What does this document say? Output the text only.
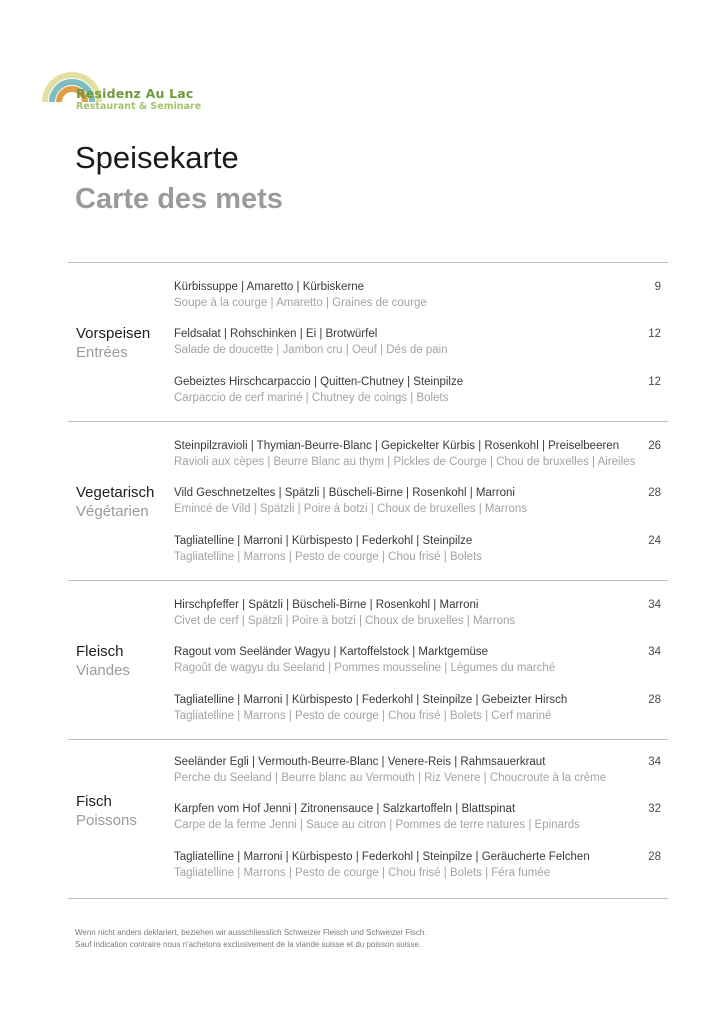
Residenz Au Lac
Restaurant & Seminare
Speisekarte
Carte des mets
Vorspeisen
Entrées
Kürbissuppe | Amaretto | Kürbiskerne
Soupe à la courge | Amaretto | Graines de courge
9
Feldsalat | Rohschinken | Ei | Brotwürfel
Salade de doucette | Jambon cru | Oeuf | Dés de pain
12
Gebeiztes Hirschcarpaccio | Quitten-Chutney | Steinpilze
Carpaccio de cerf mariné | Chutney de coings | Bolets
12
Vegetarisch
Végétarien
Steinpilzravioli | Thymian-Beurre-Blanc | Gepickelter Kürbis | Rosenkohl | Preiselbeeren
Ravioli aux cèpes | Beurre Blanc au thym | Pickles de Courge | Chou de bruxelles | Aireiles
26
Vild Geschnetzeltes | Spätzli | Büscheli-Birne | Rosenkohl | Marroni
Emincé de Vild | Spätzli | Poire à botzi | Choux de bruxelles | Marrons
28
Tagliatelline | Marroni | Kürbispesto | Federkohl | Steinpilze
Tagliatelline | Marrons | Pesto de courge | Chou frisé | Bolets
24
Fleisch
Viandes
Hirschpfeffer | Spätzli | Büscheli-Birne | Rosenkohl | Marroni
Civet de cerf | Spätzli | Poire à botzi | Choux de bruxelles | Marrons
34
Ragout vom Seeländer Wagyu | Kartoffelstock | Marktgemüse
Ragoût de wagyu du Seeland | Pommes mousseline | Légumes du marché
34
Tagliatelline | Marroni | Kürbispesto | Federkohl | Steinpilze | Gebeizter Hirsch
Tagliatelline | Marrons | Pesto de courge | Chou frisé | Bolets | Cerf mariné
28
Fisch
Poissons
Seeländer Egli | Vermouth-Beurre-Blanc | Venere-Reis | Rahmsauerkraut
Perche du Seeland | Beurre blanc au Vermouth | Riz Venere | Choucroute à la crème
34
Karpfen vom Hof Jenni | Zitronensauce | Salzkartoffeln | Blattspinat
Carpe de la ferme Jenni | Sauce au citron | Pommes de terre natures | Epinards
32
Tagliatelline | Marroni | Kürbispesto | Federkohl | Steinpilze | Geräucherte Felchen
Tagliatelline | Marrons | Pesto de courge | Chou frisé | Bolets | Féra fumée
28
Wenn nicht anders deklariert, beziehen wir ausschliesslich Schweizer Fleisch und Schweizer Fisch.
Sauf indication contraire nous n'achetons exclusivement de la viande suisse et du poisson suisse.
